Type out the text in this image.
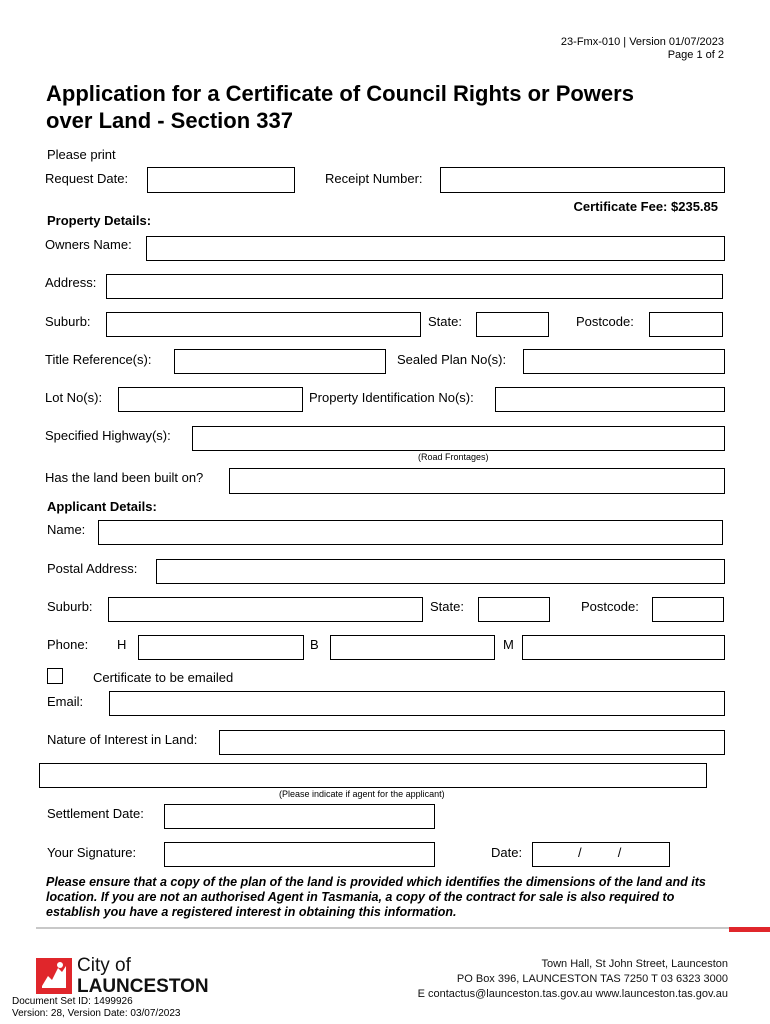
23-Fmx-010 | Version 01/07/2023
Page 1 of 2
Application for a Certificate of Council Rights or Powers
over Land - Section 337
Please print
Request Date:	Receipt Number:
Certificate Fee: $235.85
Property Details:
Owners Name:
Address:
Suburb:	State:	Postcode:
Title Reference(s):	Sealed Plan No(s):
Lot No(s):	Property Identification No(s):
Specified Highway(s):
(Road Frontages)
Has the land been built on?
Applicant Details:
Name:
Postal Address:
Suburb:	State:	Postcode:
Phone: H	B	M
Certificate to be emailed
Email:
Nature of Interest in Land:
(Please indicate if agent for the applicant)
Settlement Date:
Your Signature:	Date:	/          /
Please ensure that a copy of the plan of the land is provided which identifies the dimensions of the land and its location. If you are not an authorised Agent in Tasmania, a copy of the contract for sale is also required to establish you have a registered interest in obtaining this information.
City of
LAUNCESTON
Town Hall, St John Street, Launceston
PO Box 396, LAUNCESTON TAS 7250 T 03 6323 3000
E contactus@launceston.tas.gov.au www.launceston.tas.gov.au
Document Set ID: 1499926
Version: 28, Version Date: 03/07/2023
